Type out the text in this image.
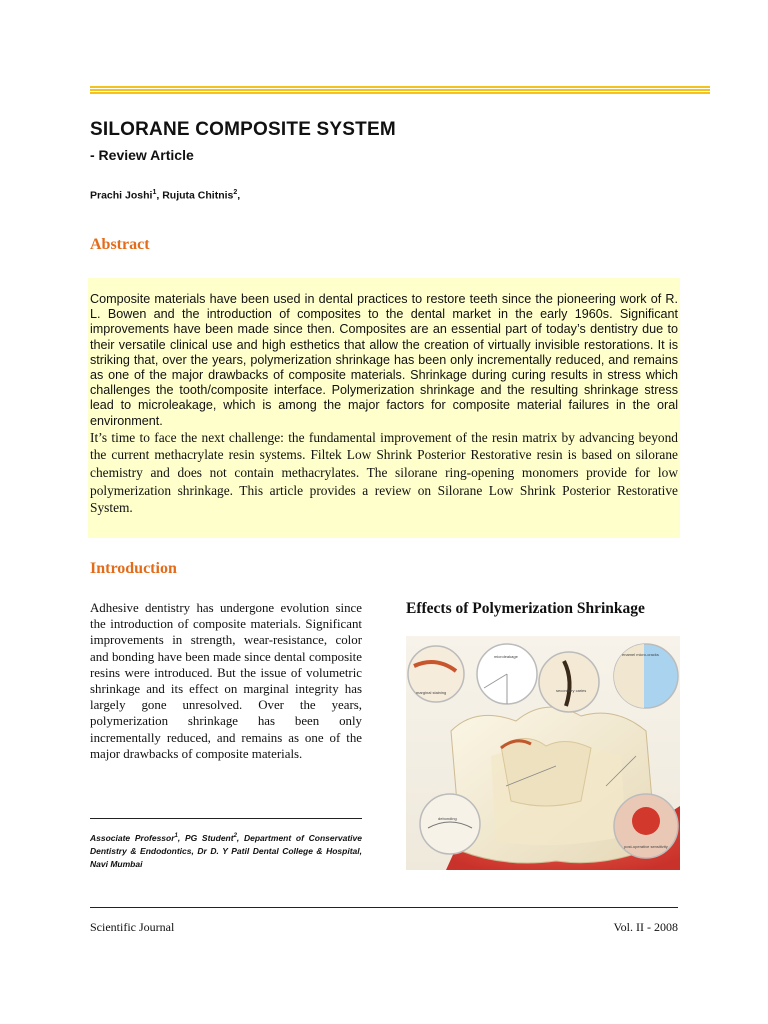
SILORANE COMPOSITE SYSTEM
- Review Article
Prachi Joshi$^1$, Rujuta Chitnis$^2$,
Abstract

Composite materials have been used in dental practices to restore teeth since the pioneering work of R. L. Bowen and the introduction of composites to the dental market in the early 1960s. Significant improvements have been made since then. Composites are an essential part of today’s dentistry due to their versatile clinical use and high esthetics that allow the creation of virtually invisible restorations. It is striking that, over the years, polymerization shrinkage has been only incrementally reduced, and remains as one of the major drawbacks of composite materials. Shrinkage during curing results in stress which challenges the tooth/composite interface. Polymerization shrinkage and the resulting shrinkage stress lead to microleakage, which is among the major factors for composite material failures in the oral environment.

It’s time to face the next challenge: the fundamental improvement of the resin matrix by advancing beyond the current methacrylate resin systems. Filtek Low Shrink Posterior Restorative resin is based on silorane chemistry and does not contain methacrylates. The silorane ring-opening monomers provide for low polymerization shrinkage. This article provides a review on Silorane Low Shrink Posterior Restorative System.

Introduction

Adhesive dentistry has undergone evolution since the introduction of composite materials. Significant improvements in strength, wear-resistance, color and bonding have been made since dental composite resins were introduced. But the issue of volumetric shrinkage and its effect on marginal integrity has largely gone unresolved. Over the years, polymerization shrinkage has been only incrementally reduced, and remains as one of the major drawbacks of composite materials.

Effects of Polymerization Shrinkage
marginal staining
microleakage
secondary caries
enamel micro-cracks
debonding
post-operative sensitivity

Associate Professor$^1$, PG Student$^2$, Department of Conservative Dentistry & Endodontics, Dr D. Y Patil Dental College & Hospital, Navi Mumbai

Scientific Journal	Vol. II - 2008
